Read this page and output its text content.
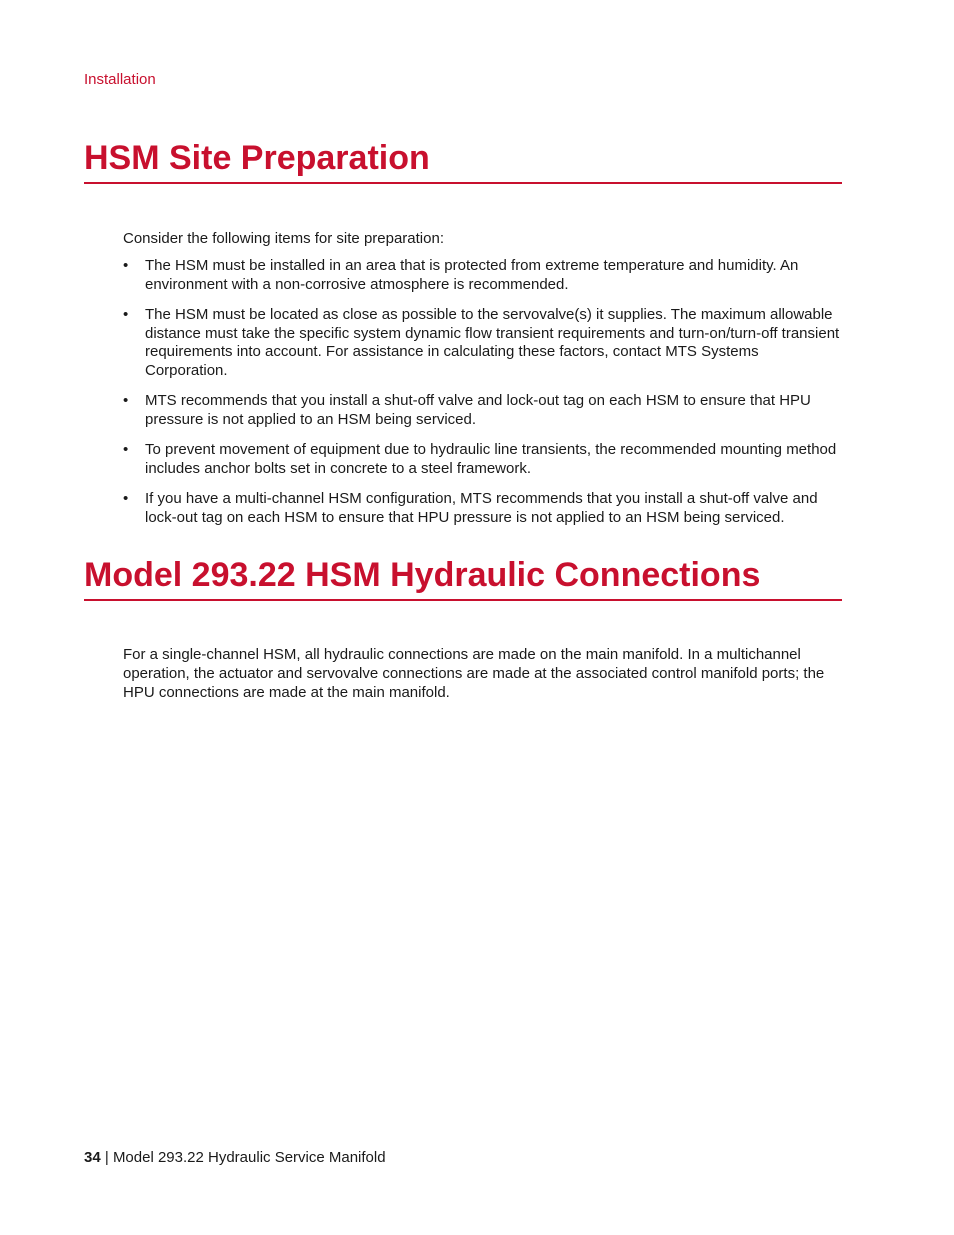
Installation
HSM Site Preparation
Consider the following items for site preparation:
• The HSM must be installed in an area that is protected from extreme temperature and humidity. An environment with a non-corrosive atmosphere is recommended.
• The HSM must be located as close as possible to the servovalve(s) it supplies. The maximum allowable distance must take the specific system dynamic flow transient requirements and turn-on/turn-off transient requirements into account. For assistance in calculating these factors, contact MTS Systems Corporation.
• MTS recommends that you install a shut-off valve and lock-out tag on each HSM to ensure that HPU pressure is not applied to an HSM being serviced.
• To prevent movement of equipment due to hydraulic line transients, the recommended mounting method includes anchor bolts set in concrete to a steel framework.
• If you have a multi-channel HSM configuration, MTS recommends that you install a shut-off valve and lock-out tag on each HSM to ensure that HPU pressure is not applied to an HSM being serviced.
Model 293.22 HSM Hydraulic Connections
For a single-channel HSM, all hydraulic connections are made on the main manifold. In a multichannel operation, the actuator and servovalve connections are made at the associated control manifold ports; the HPU connections are made at the main manifold.
34 | Model 293.22 Hydraulic Service Manifold
